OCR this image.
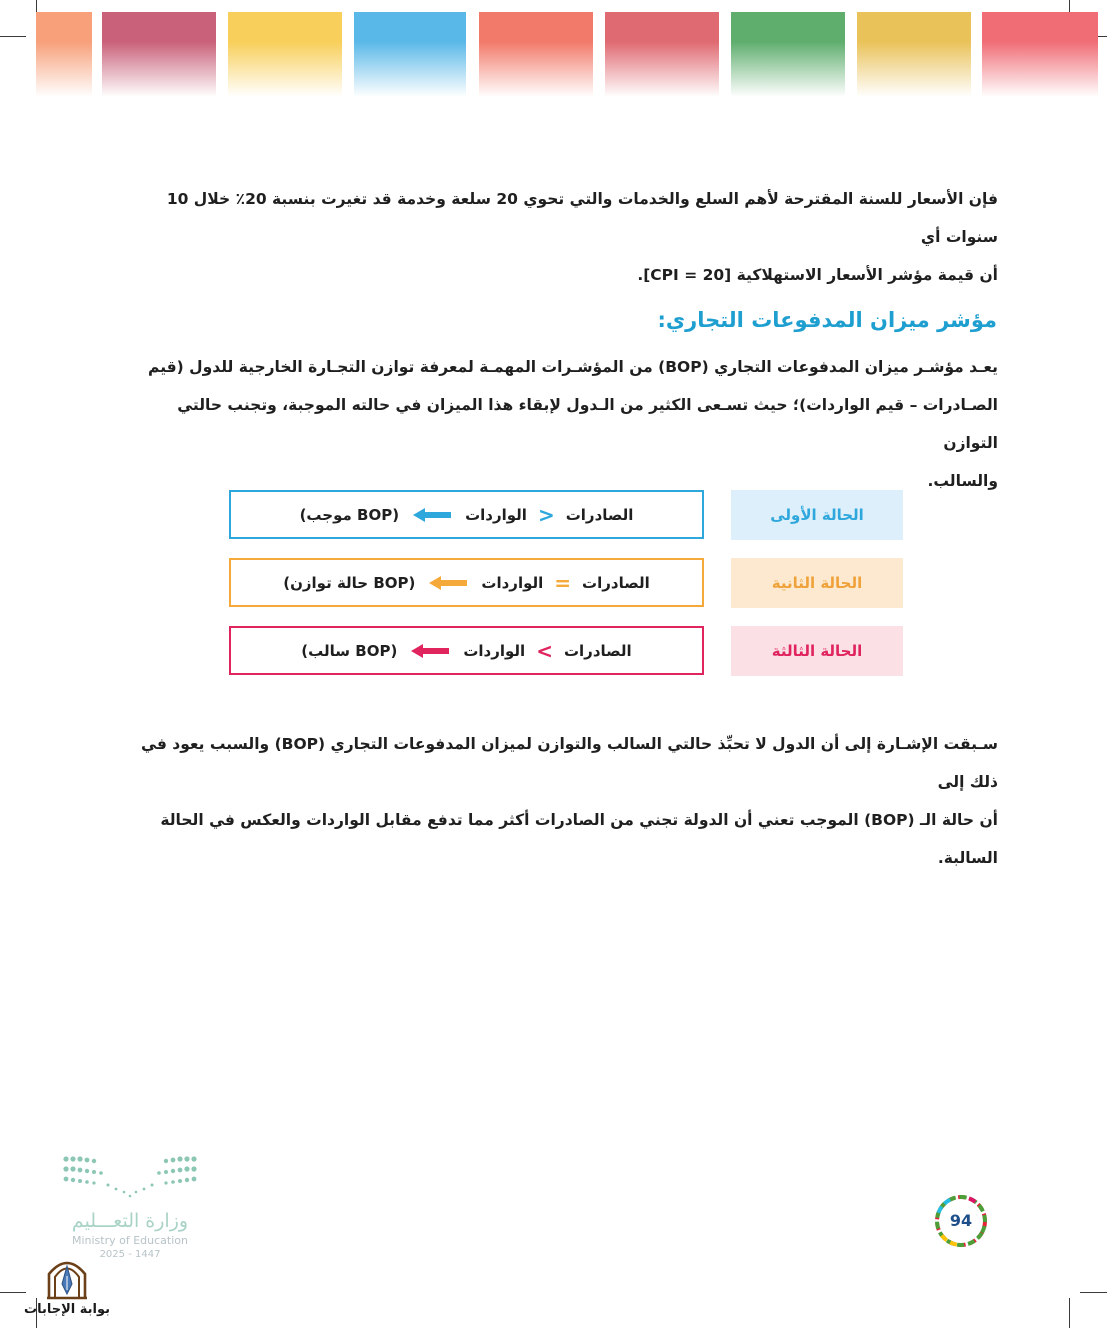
فإن الأسعار للسنة المقترحة لأهم السلع والخدمات والتي تحوي 20 سلعة وخدمة قد تغيرت بنسبة 20٪ خلال 10 سنوات أي
أن قيمة مؤشر الأسعار الاستهلاكية [CPI = 20].
مؤشر ميزان المدفوعات التجاري:
يعـد مؤشـر ميزان المدفوعات التجاري (BOP) من المؤشـرات المهمـة لمعرفة توازن التجـارة الخارجية للدول (قيم
الصـادرات – قيم الواردات)؛ حيث تسـعى الكثير من الـدول لإبقاء هذا الميزان في حالته الموجبة، وتجنب حالتي التوازن
والسالب.
الحالة الأولى
الصادرات
<
الواردات
(BOP موجب)
الحالة الثانية
الصادرات
=
الواردات
(BOP حالة توازن)
الحالة الثالثة
الصادرات
>
الواردات
(BOP سالب)
سـبقت الإشـارة إلى أن الدول لا تحبِّذ حالتي السالب والتوازن لميزان المدفوعات التجاري (BOP) والسبب يعود في ذلك إلى
أن حالة الـ (BOP) الموجب تعني أن الدولة تجني من الصادرات أكثر مما تدفع مقابل الواردات والعكس في الحالة السالبة.
وزارة التعـــليم
Ministry of Education
2025 - 1447
بوابة الإجابات
94
